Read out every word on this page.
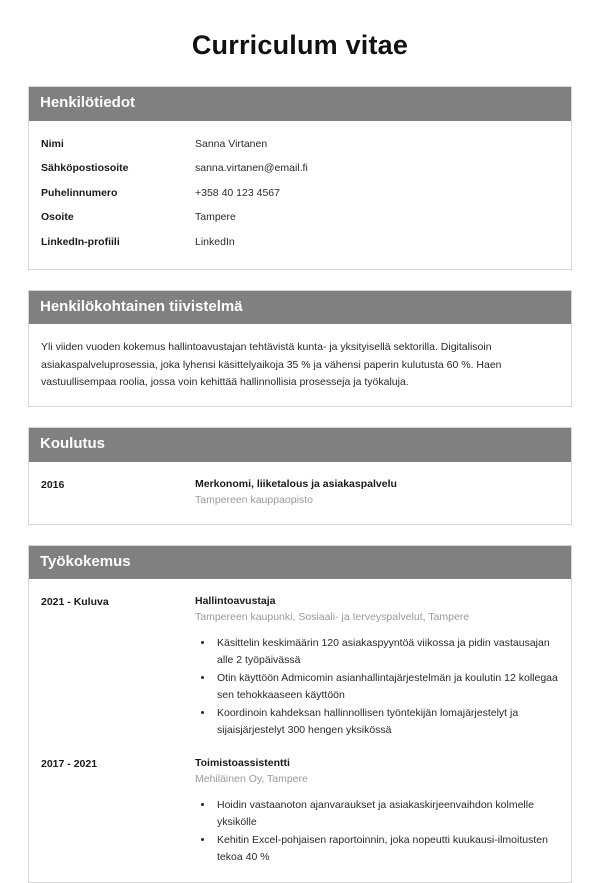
Curriculum vitae
Henkilötiedot
Nimi	Sanna Virtanen
Sähköpostiosoite	sanna.virtanen@email.fi
Puhelinnumero	+358 40 123 4567
Osoite	Tampere
LinkedIn-profiili	LinkedIn
Henkilökohtainen tiivistelmä

Yli viiden vuoden kokemus hallintoavustajan tehtävistä kunta- ja yksityisellä sektorilla. Digitalisoin asiakaspalveluprosessia, joka lyhensi käsittelyaikoja 35 % ja vähensi paperin kulutusta 60 %. Haen vastuullisempaa roolia, jossa voin kehittää hallinnollisia prosesseja ja työkaluja.

Koulutus
2016	Merkonomi, liiketalous ja asiakaspalvelu
Tampereen kauppaopisto
Työkokemus
2021 - Kuluva	Hallintoavustaja
Tampereen kaupunki, Sosiaali- ja terveyspalvelut, Tampere
• Käsittelin keskimäärin 120 asiakaspyyntöä viikossa ja pidin vastausajan alle 2 työpäivässä
• Otin käyttöön Admicomin asianhallintajärjestelmän ja koulutin 12 kollegaa sen tehokkaaseen käyttöön
• Koordinoin kahdeksan hallinnollisen työntekijän lomajärjestelyt ja sijaisjärjestelyt 300 hengen yksikössä
2017 - 2021	Toimistoassistentti
Mehiläinen Oy, Tampere
• Hoidin vastaanoton ajanvaraukset ja asiakaskirjeenvaihdon kolmelle yksikölle
• Kehitin Excel-pohjaisen raportoinnin, joka nopeutti kuukausi-ilmoitusten tekoa 40 %
